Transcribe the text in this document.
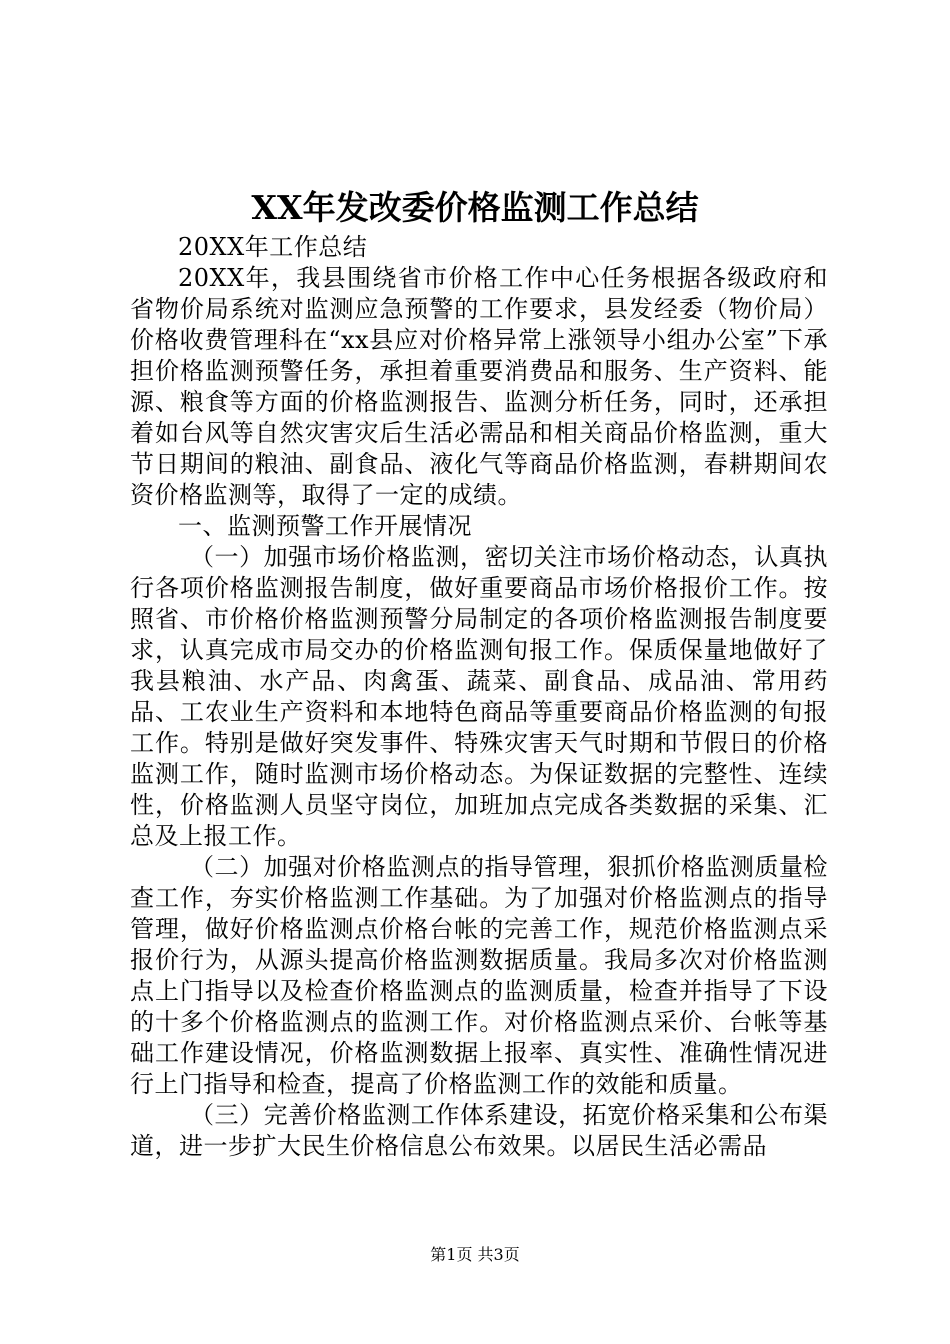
XX年发改委价格监测工作总结

20XX年工作总结

20XX年，我县围绕省市价格工作中心任务根据各级政府和省物价局系统对监测应急预警的工作要求，县发经委（物价局）价格收费管理科在“xx县应对价格异常上涨领导小组办公室”下承担价格监测预警任务，承担着重要消费品和服务、生产资料、能源、粮食等方面的价格监测报告、监测分析任务，同时，还承担着如台风等自然灾害灾后生活必需品和相关商品价格监测，重大节日期间的粮油、副食品、液化气等商品价格监测，春耕期间农资价格监测等，取得了一定的成绩。

一、监测预警工作开展情况

（一）加强市场价格监测，密切关注市场价格动态，认真执行各项价格监测报告制度，做好重要商品市场价格报价工作。按照省、市价格价格监测预警分局制定的各项价格监测报告制度要求，认真完成市局交办的价格监测旬报工作。保质保量地做好了我县粮油、水产品、肉禽蛋、蔬菜、副食品、成品油、常用药品、工农业生产资料和本地特色商品等重要商品价格监测的旬报工作。特别是做好突发事件、特殊灾害天气时期和节假日的价格监测工作，随时监测市场价格动态。为保证数据的完整性、连续性，价格监测人员坚守岗位，加班加点完成各类数据的采集、汇总及上报工作。

（二）加强对价格监测点的指导管理，狠抓价格监测质量检查工作，夯实价格监测工作基础。为了加强对价格监测点的指导管理，做好价格监测点价格台帐的完善工作，规范价格监测点采报价行为，从源头提高价格监测数据质量。我局多次对价格监测点上门指导以及检查价格监测点的监测质量，检查并指导了下设的十多个价格监测点的监测工作。对价格监测点采价、台帐等基础工作建设情况，价格监测数据上报率、真实性、准确性情况进行上门指导和检查，提高了价格监测工作的效能和质量。

（三）完善价格监测工作体系建设，拓宽价格采集和公布渠道，进一步扩大民生价格信息公布效果。以居民生活必需品

第1页 共3页
